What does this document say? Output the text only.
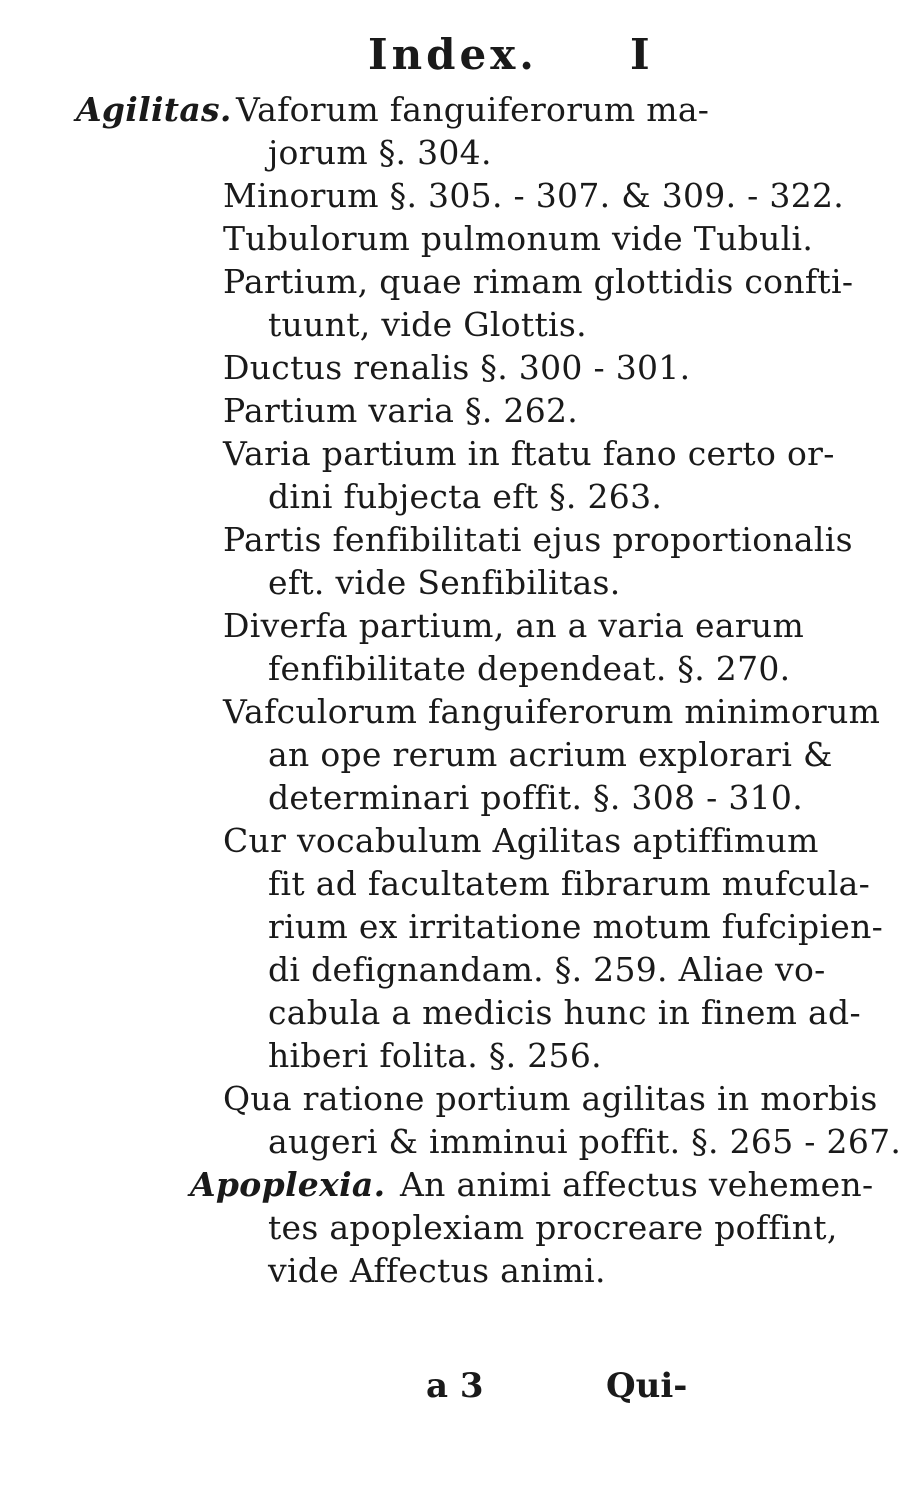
Index. I
Agilitas. Vaforum fanguiferorum ma-
jorum §. 304.
Minorum §. 305. - 307. & 309. - 322.
Tubulorum pulmonum vide Tubuli.
Partium, quae rimam glottidis confti-
tuunt, vide Glottis.
Ductus renalis §. 300 - 301.
Partium varia §. 262.
Varia partium in ftatu fano certo or-
dini fubjecta eft §. 263.
Partis fenfibilitati ejus proportionalis
eft. vide Senfibilitas.
Diverfa partium, an a varia earum
fenfibilitate dependeat. §. 270.
Vafculorum fanguiferorum minimorum
an ope rerum acrium explorari &
determinari poffit. §. 308 - 310.
Cur vocabulum Agilitas aptiffimum
fit ad facultatem fibrarum mufcula-
rium ex irritatione motum fufcipien-
di defignandam. §. 259. Aliae vo-
cabula a medicis hunc in finem ad-
hiberi folita. §. 256.
Qua ratione portium agilitas in morbis
augeri & imminui poffit. §. 265 - 267.
Apoplexia. An animi affectus vehemen-
tes apoplexiam procreare poffint,
vide Affectus animi.
a 3	Qui-
